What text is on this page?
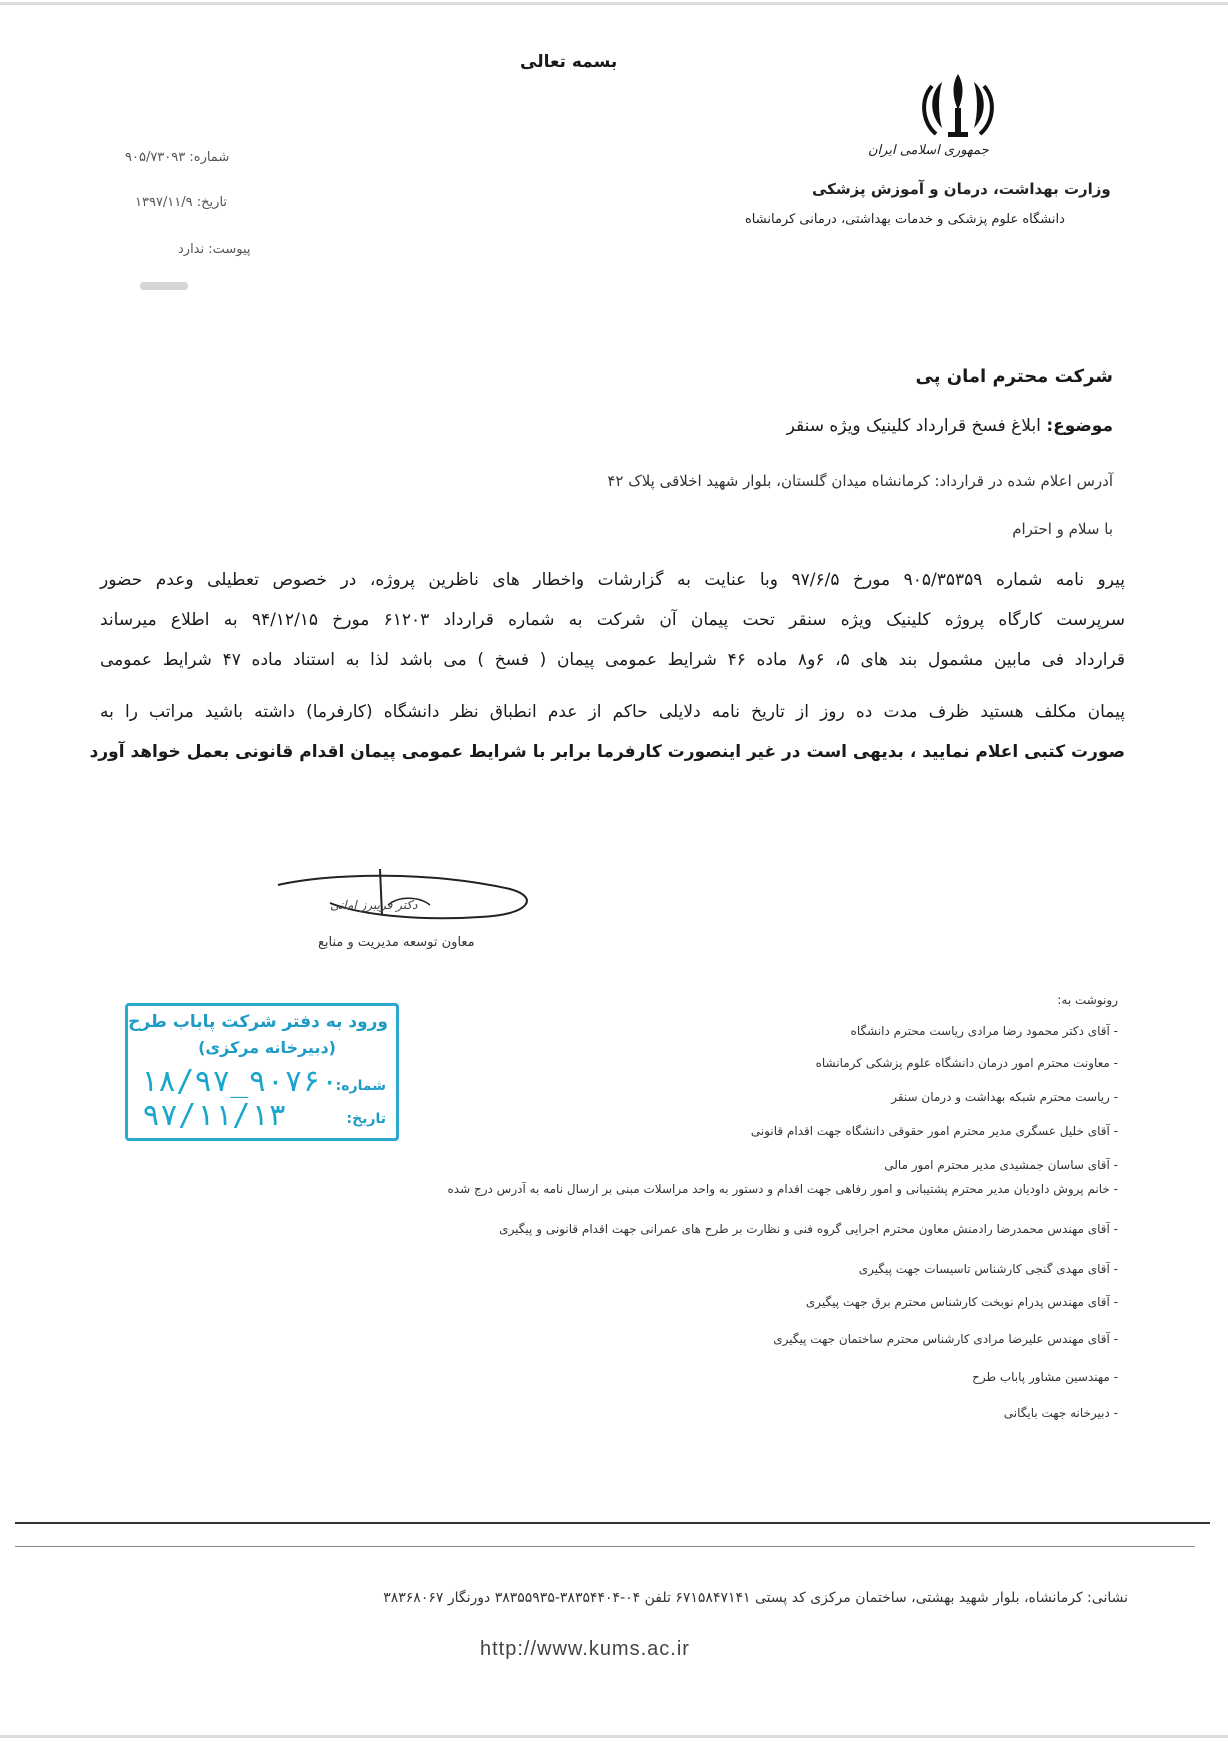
بسمه تعالی
جمهوری اسلامی ایران
وزارت بهداشت، درمان و آموزش پزشکی
دانشگاه علوم پزشکی و خدمات بهداشتی، درمانی کرمانشاه
شماره: ۹۰۵/۷۳۰۹۳
تاریخ: ۱۳۹۷/۱۱/۹
پیوست: ندارد
شرکت محترم امان پی
موضوع: ابلاغ فسخ قرارداد کلینیک ویژه سنقر
آدرس اعلام شده در قرارداد: کرمانشاه میدان گلستان، بلوار شهید اخلاقی پلاک ۴۲
با سلام و احترام
پیرو نامه شماره ۹۰۵/۳۵۳۵۹ مورخ ۹۷/۶/۵ وبا عنایت به گزارشات واخطار های ناظرین پروژه، در خصوص تعطیلی وعدم حضور
سرپرست کارگاه پروژه کلینیک ویژه سنقر تحت پیمان آن شرکت به شماره قرارداد ۶۱۲۰۳ مورخ ۹۴/۱۲/۱۵ به اطلاع میرساند
قرارداد فی مابین مشمول بند های ۵، ۶و۸ ماده ۴۶ شرایط عمومی پیمان ( فسخ ) می باشد لذا به استناد ماده ۴۷ شرایط عمومی
پیمان مکلف هستید ظرف مدت ده روز از تاریخ نامه دلایلی حاکم از عدم انطباق نظر دانشگاه (کارفرما) داشته باشید مراتب را به
صورت کتبی اعلام نمایید ، بدیهی است در غیر اینصورت کارفرما برابر با شرایط عمومی پیمان اقدام قانونی بعمل خواهد آورد
دکتر فریبرز امانی
معاون توسعه مدیریت و منابع
رونوشت به:
- آقای دکتر محمود رضا مرادی ریاست محترم دانشگاه
- معاونت محترم امور درمان دانشگاه علوم پزشکی کرمانشاه
- ریاست محترم شبکه بهداشت و درمان سنقر
- آقای خلیل عسگری مدیر محترم امور حقوقی دانشگاه جهت اقدام قانونی
- آقای ساسان جمشیدی مدیر محترم امور مالی
- خانم پروش داودیان مدیر محترم پشتیبانی و امور رفاهی جهت اقدام و دستور به واحد مراسلات مبنی بر ارسال نامه به آدرس درج شده
- آقای مهندس محمدرضا رادمنش معاون محترم اجرایی گروه فنی و نظارت بر طرح های عمرانی جهت اقدام قانونی و پیگیری
- آقای مهدی گنجی کارشناس تاسیسات جهت پیگیری
- آقای مهندس پدرام نوبخت کارشناس محترم برق جهت پیگیری
- آقای مهندس علیرضا مرادی کارشناس محترم ساختمان جهت پیگیری
- مهندسین مشاور پاباب طرح
- دبیرخانه جهت بایگانی
ورود به دفتر شرکت پاباب طرح
(دبیرخانه مرکزی)
شماره:
۱۸/۹۷_۹۰۷۶۰
تاریخ:
۹۷/۱۱/۱۳
نشانی: کرمانشاه، بلوار شهید بهشتی، ساختمان مرکزی کد پستی ۶۷۱۵۸۴۷۱۴۱ تلفن ۰۴-۳۸۳۵۴۴۰۴-۳۸۳۵۵۹۳۵ دورنگار ۳۸۳۶۸۰۶۷
http://www.kums.ac.ir
